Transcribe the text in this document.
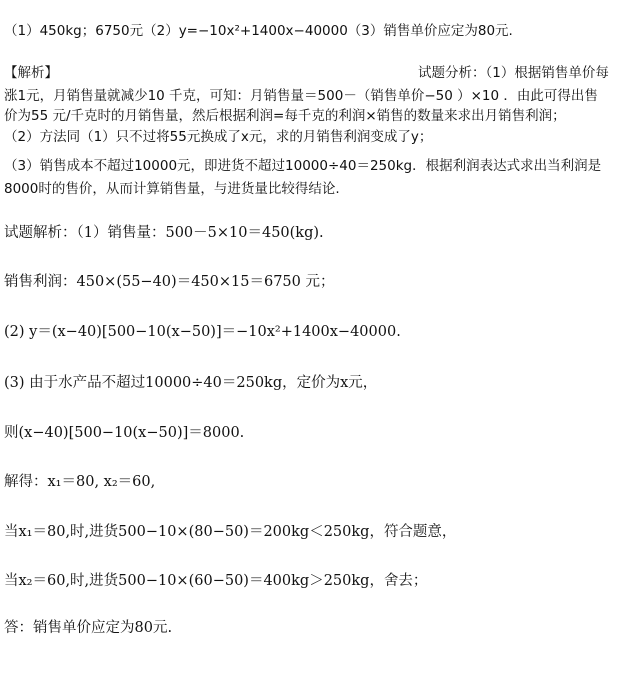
（1）450kg；6750元（2）y=−10x²+1400x−40000（3）销售单价应定为80元.
【解析】	试题分析：（1）根据销售单价每
涨1元，月销售量就减少10 千克，可知：月销售量＝500－（销售单价−50 ）×10 ．由此可得出售
价为55 元/千克时的月销售量，然后根据利润=每千克的利润×销售的数量来求出月销售利润；
（2）方法同（1）只不过将55元换成了x元，求的月销售利润变成了y；
（3）销售成本不超过10000元，即进货不超过10000÷40＝250kg．根据利润表达式求出当利润是
8000时的售价，从而计算销售量，与进货量比较得结论.
试题解析：（1）销售量：500－5×10＝450(kg).
销售利润：450×(55−40)＝450×15＝6750 元；
(2) y＝(x−40)[500−10(x−50)]＝−10x²+1400x−40000.
(3) 由于水产品不超过10000÷40＝250kg，定价为x元，
则(x−40)[500−10(x−50)]＝8000.
解得：x₁＝80, x₂＝60,
当x₁＝80,时,进货500−10×(80−50)＝200kg＜250kg，符合题意，
当x₂＝60,时,进货500−10×(60−50)＝400kg＞250kg，舍去；
答：销售单价应定为80元.
